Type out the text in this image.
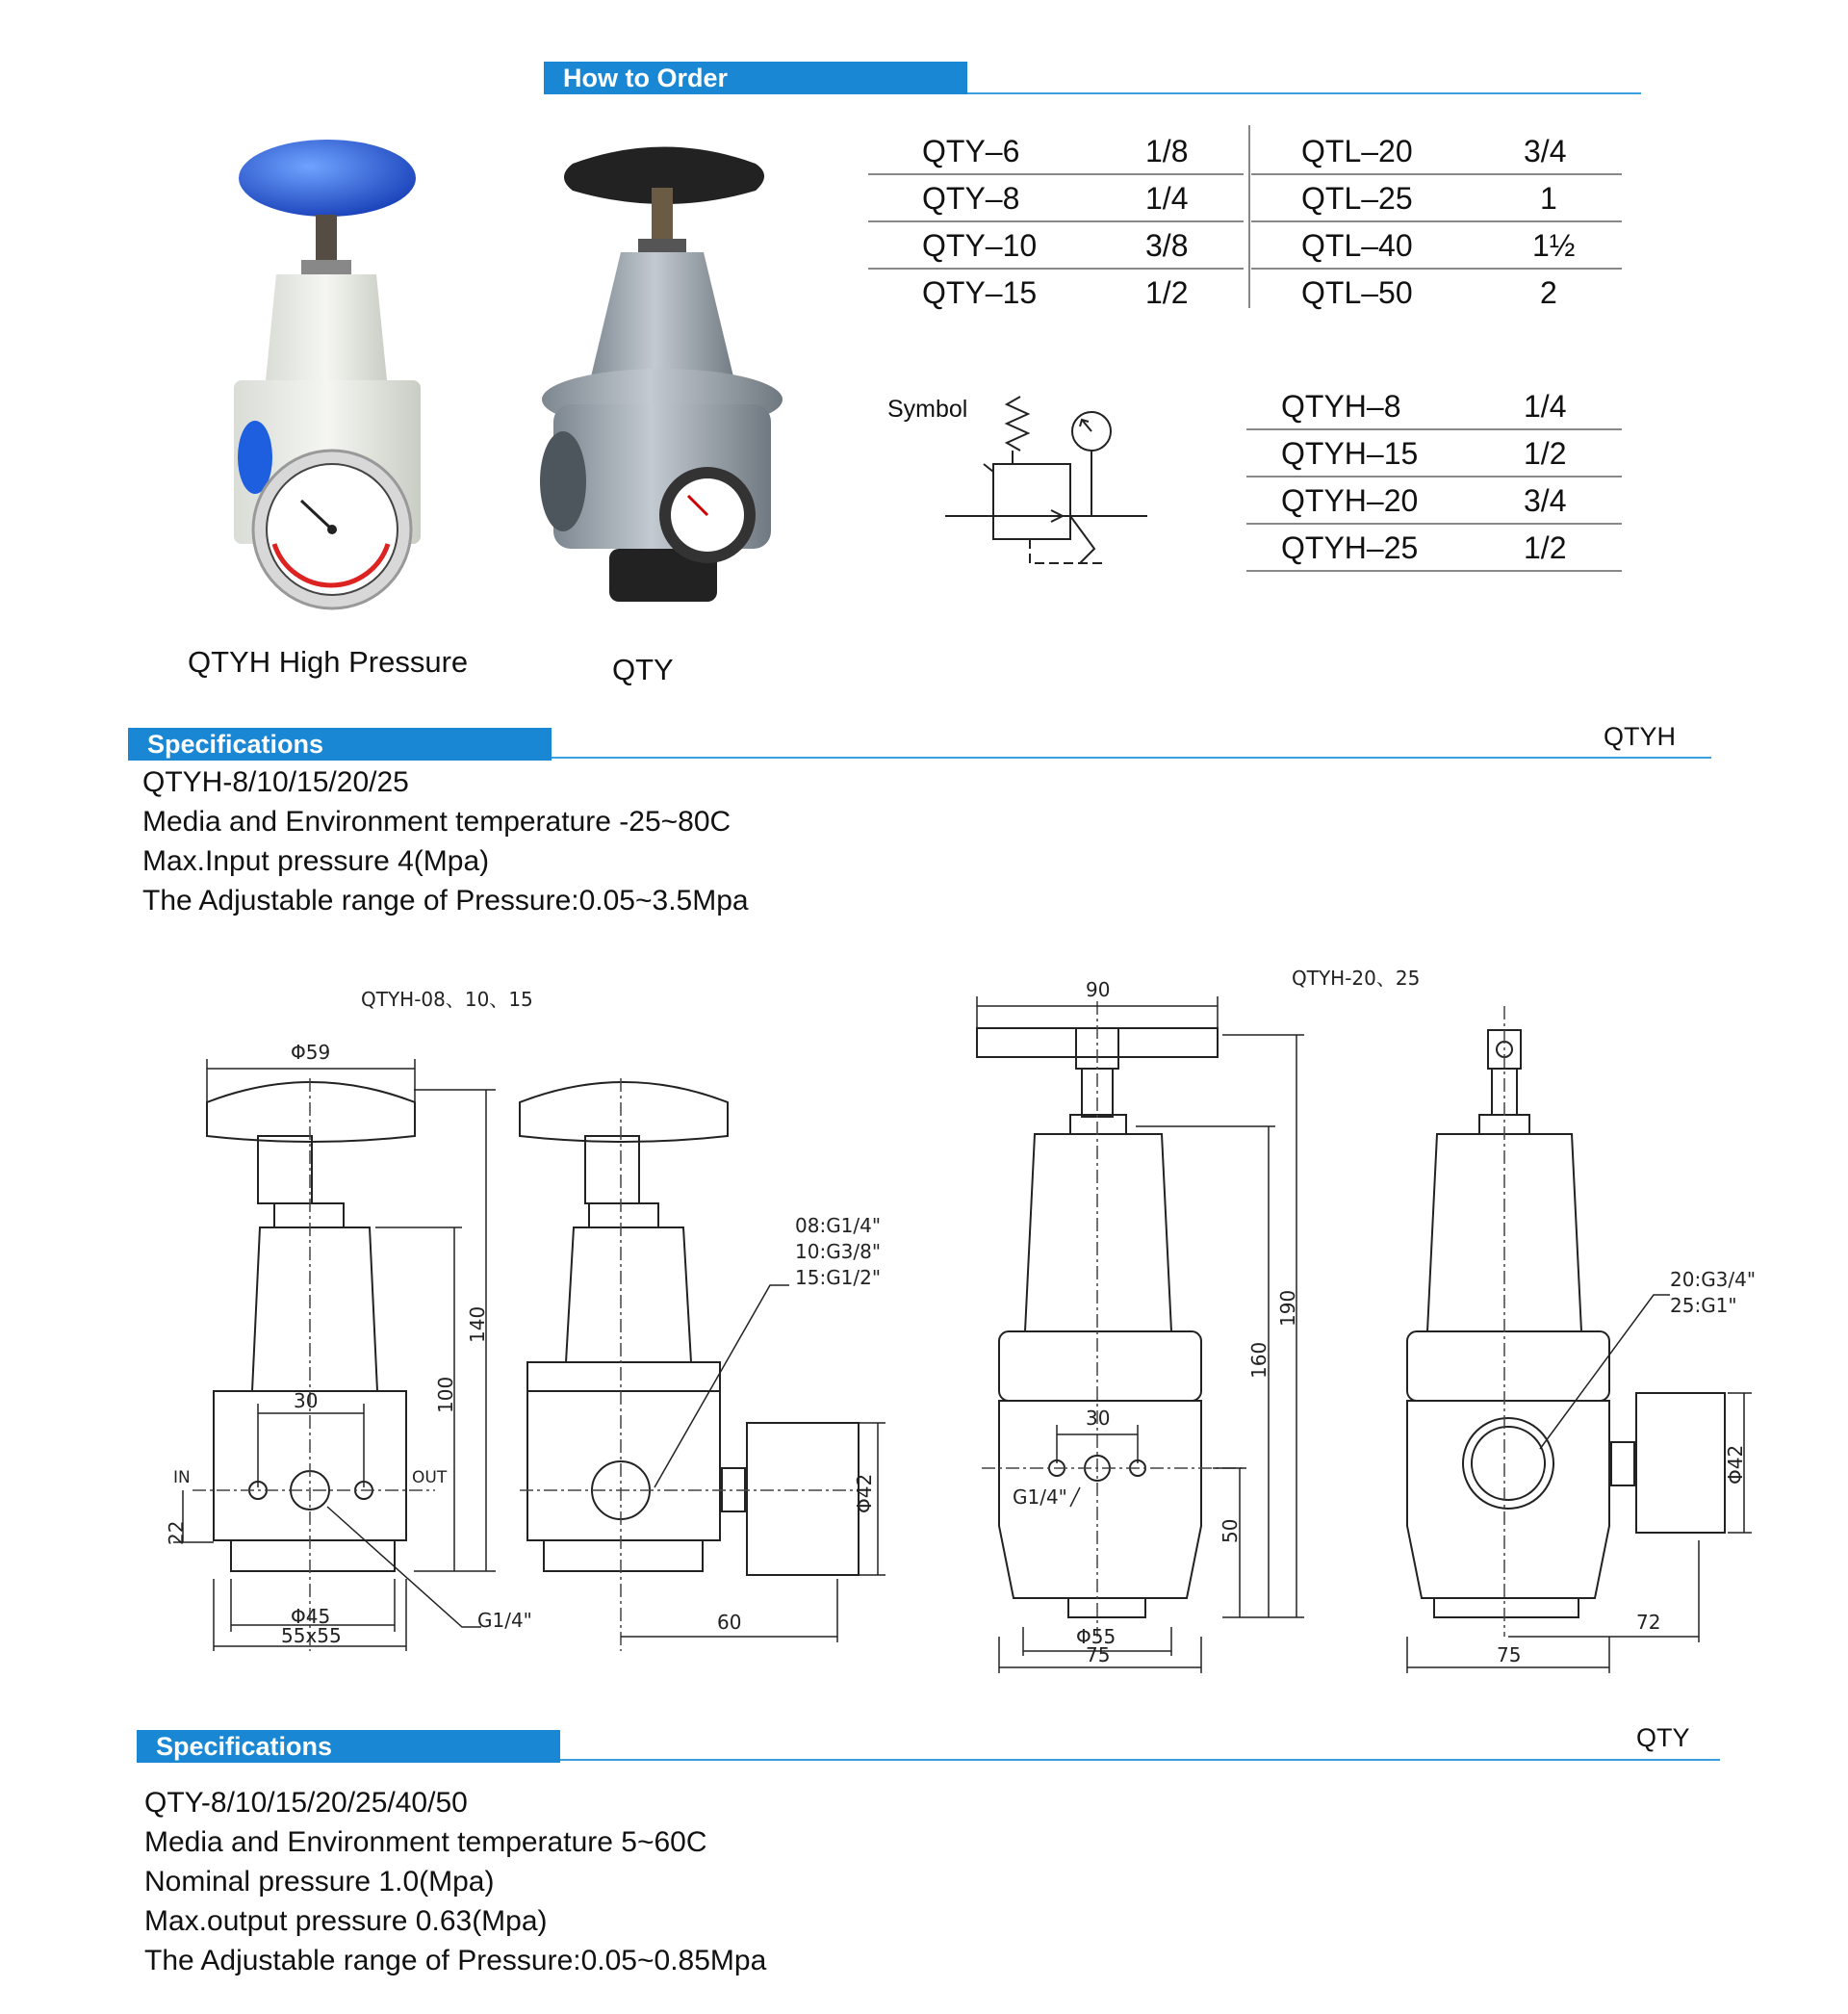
How to Order
QTYH High Pressure	QTY
QTY–6	1/8
QTY–8	1/4
QTY–10	3/8
QTY–15	1/2
QTL–20	3/4
QTL–25	1
QTL–40	1½
QTL–50	2
Symbol	QTYH–8	1/4
QTYH–15	1/2
QTYH–20	3/4
QTYH–25	1/2
Specifications	QTYH
QTYH-8/10/15/20/25
Media and Environment temperature -25~80C
Max.Input pressure 4(Mpa)
The Adjustable range of Pressure:0.05~3.5Mpa
QTYH-08、10、15
QTYH-20、25
Φ59
30
IN	OUT
Φ45
55x55
G1/4"
08:G1/4"
10:G3/8"
15:G1/2"
60
90
30
G1/4"
Φ55
75
20:G3/4"
25:G1"
72
75
140
100
22
Φ42
190
160
50
Φ42
Specifications	QTY
QTY-8/10/15/20/25/40/50
Media and Environment temperature 5~60C
Nominal pressure 1.0(Mpa)
Max.output pressure 0.63(Mpa)
The Adjustable range of Pressure:0.05~0.85Mpa
